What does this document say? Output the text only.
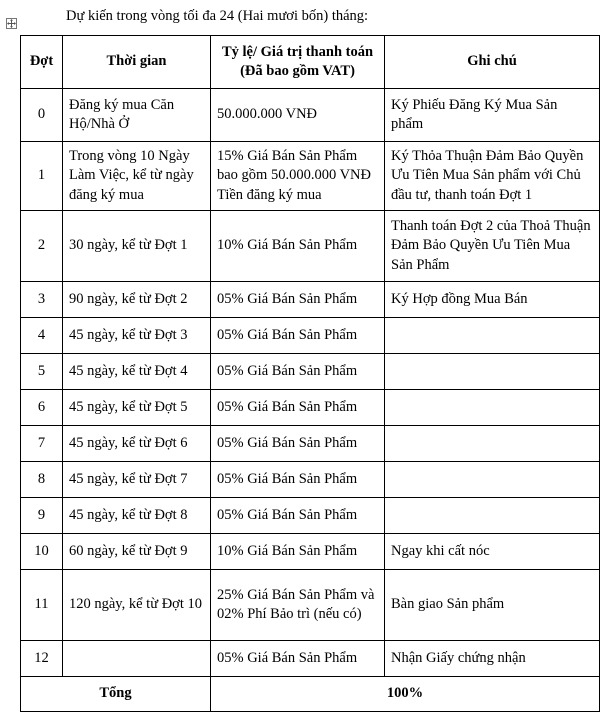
Dự kiến trong vòng tối đa 24 (Hai mươi bốn) tháng:
Đợt	Thời gian	Tỷ lệ/ Giá trị thanh toán (Đã bao gồm VAT)	Ghi chú
0	Đăng ký mua Căn Hộ/Nhà Ở	50.000.000 VNĐ	Ký Phiếu Đăng Ký Mua Sản phẩm
1	Trong vòng 10 Ngày Làm Việc, kể từ ngày đăng ký mua	15% Giá Bán Sản Phẩm bao gồm 50.000.000 VNĐ Tiền đăng ký mua	Ký Thỏa Thuận Đảm Bảo Quyền Ưu Tiên Mua Sản phẩm với Chủ đầu tư, thanh toán Đợt 1
2	30 ngày, kể từ Đợt 1	10% Giá Bán Sản Phẩm	Thanh toán Đợt 2 của Thoả Thuận Đảm Bảo Quyền Ưu Tiên Mua Sản Phẩm
3	90 ngày, kể từ Đợt 2	05% Giá Bán Sản Phẩm	Ký Hợp đồng Mua Bán
4	45 ngày, kể từ Đợt 3	05% Giá Bán Sản Phẩm	
5	45 ngày, kể từ Đợt 4	05% Giá Bán Sản Phẩm	
6	45 ngày, kể từ Đợt 5	05% Giá Bán Sản Phẩm	
7	45 ngày, kể từ Đợt 6	05% Giá Bán Sản Phẩm	
8	45 ngày, kể từ Đợt 7	05% Giá Bán Sản Phẩm	
9	45 ngày, kể từ Đợt 8	05% Giá Bán Sản Phẩm	
10	60 ngày, kể từ Đợt 9	10% Giá Bán Sản Phẩm	Ngay khi cất nóc
11	120 ngày, kể từ Đợt 10	25% Giá Bán Sản Phẩm và 02% Phí Bảo trì (nếu có)	Bàn giao Sản phẩm
12		05% Giá Bán Sản Phẩm	Nhận Giấy chứng nhận
Tổng		100%	
